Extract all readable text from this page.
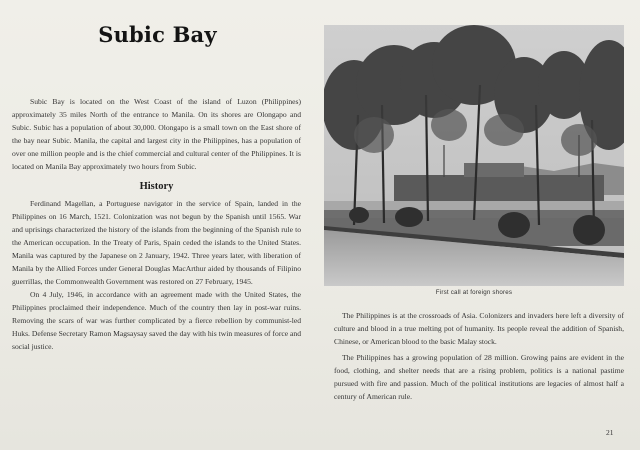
Subic Bay

Subic Bay is located on the West Coast of the island of Luzon (Philippines) approximately 35 miles North of the entrance to Manila. On its shores are Olongapo and Subic. Subic has a population of about 30,000. Olongapo is a small town on the East shore of the bay near Subic. Manila, the capital and largest city in the Philippines, has a population of over one million people and is the chief commercial and cultural center of the Philippines. It is located on Manila Bay approximately two hours from Subic.

History

Ferdinand Magellan, a Portuguese navigator in the service of Spain, landed in the Philippines on 16 March, 1521. Colonization was not begun by the Spanish until 1565. War and uprisings characterized the history of the islands from the beginning of the Spanish rule to the American occupation. In the Treaty of Paris, Spain ceded the islands to the United States. Manila was captured by the Japanese on 2 January, 1942. Three years later, with liberation of Manila by the Allied Forces under General Douglas MacArthur aided by thousands of Filipino guerrillas, the Commonwealth Government was restored on 27 February, 1945.

On 4 July, 1946, in accordance with an agreement made with the United States, the Philippines proclaimed their independence. Much of the country then lay in post-war ruins. Removing the scars of war was further complicated by a fierce rebellion by communist-led Huks. Defense Secretary Ramon Magsaysay saved the day with his twin measures of force and social justice.

First call at foreign shores

The Philippines is at the crossroads of Asia. Colonizers and invaders here left a diversity of culture and blood in a true melting pot of humanity. Its people reveal the addition of Spanish, Chinese, or American blood to the basic Malay stock.

The Philippines has a growing population of 28 million. Growing pains are evident in the food, clothing, and shelter needs that are a rising problem, politics is a national pastime pursued with fire and passion. Much of the political institutions are legacies of almost half a century of American rule.

21
